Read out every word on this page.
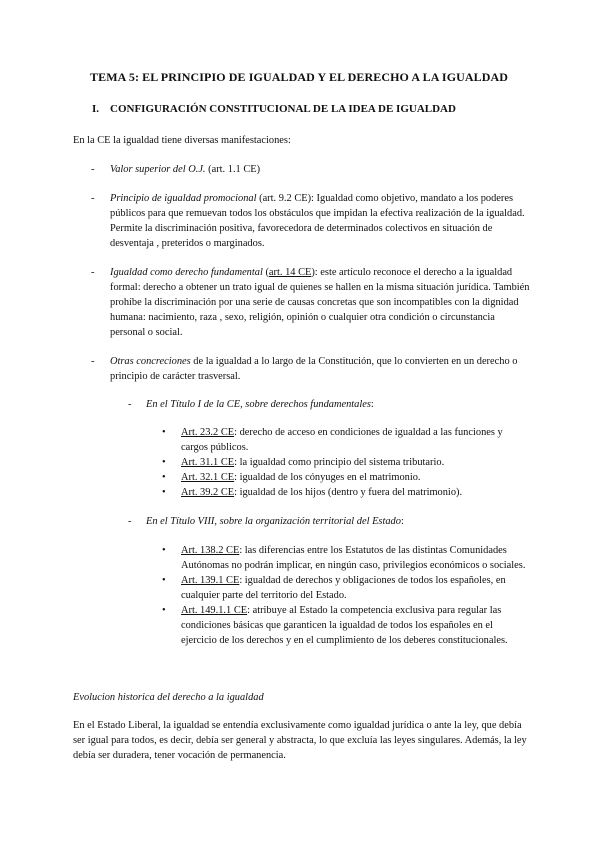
TEMA 5: EL PRINCIPIO DE IGUALDAD Y EL DERECHO A LA IGUALDAD
I. CONFIGURACIÓN CONSTITUCIONAL DE LA IDEA DE IGUALDAD
En la CE la igualdad tiene diversas manifestaciones:
- Valor superior del O.J. (art. 1.1 CE)
- Principio de igualdad promocional (art. 9.2 CE): Igualdad como objetivo, mandato a los poderes públicos para que remuevan todos los obstáculos que impidan la efectiva realización de la igualdad. Permite la discriminación positiva, favorecedora de determinados colectivos en situación de desventaja , preteridos o marginados.
- Igualdad como derecho fundamental (art. 14 CE): este artículo reconoce el derecho a la igualdad formal: derecho a obtener un trato igual de quienes se hallen en la misma situación jurídica. También prohíbe la discriminación por una serie de causas concretas que son incompatibles con la dignidad humana: nacimiento, raza , sexo, religión, opinión o cualquier otra condición o circunstancia personal o social.
- Otras concreciones de la igualdad a lo largo de la Constitución, que lo convierten en un derecho o principio de carácter trasversal.
- En el Título I de la CE, sobre derechos fundamentales:
• Art. 23.2 CE: derecho de acceso en condiciones de igualdad a las funciones y cargos públicos.
• Art. 31.1 CE: la igualdad como principio del sistema tributario.
• Art. 32.1 CE: igualdad de los cónyuges en el matrimonio.
• Art. 39.2 CE: igualdad de los hijos (dentro y fuera del matrimonio).
- En el Título VIII, sobre la organización territorial del Estado:
• Art. 138.2 CE: las diferencias entre los Estatutos de las distintas Comunidades Autónomas no podrán implicar, en ningún caso, privilegios económicos o sociales.
• Art. 139.1 CE: igualdad de derechos y obligaciones de todos los españoles, en cualquier parte del territorio del Estado.
• Art. 149.1.1 CE: atribuye al Estado la competencia exclusiva para regular las condiciones básicas que garanticen la igualdad de todos los españoles en el ejercicio de los derechos y en el cumplimiento de los deberes constitucionales.
Evolucion historica del derecho a la igualdad
En el Estado Liberal, la igualdad se entendía exclusivamente como igualdad jurídica o ante la ley, que debía ser igual para todos, es decir, debía ser general y abstracta, lo que excluía las leyes singulares. Además, la ley debía ser duradera, tener vocación de permanencia.
